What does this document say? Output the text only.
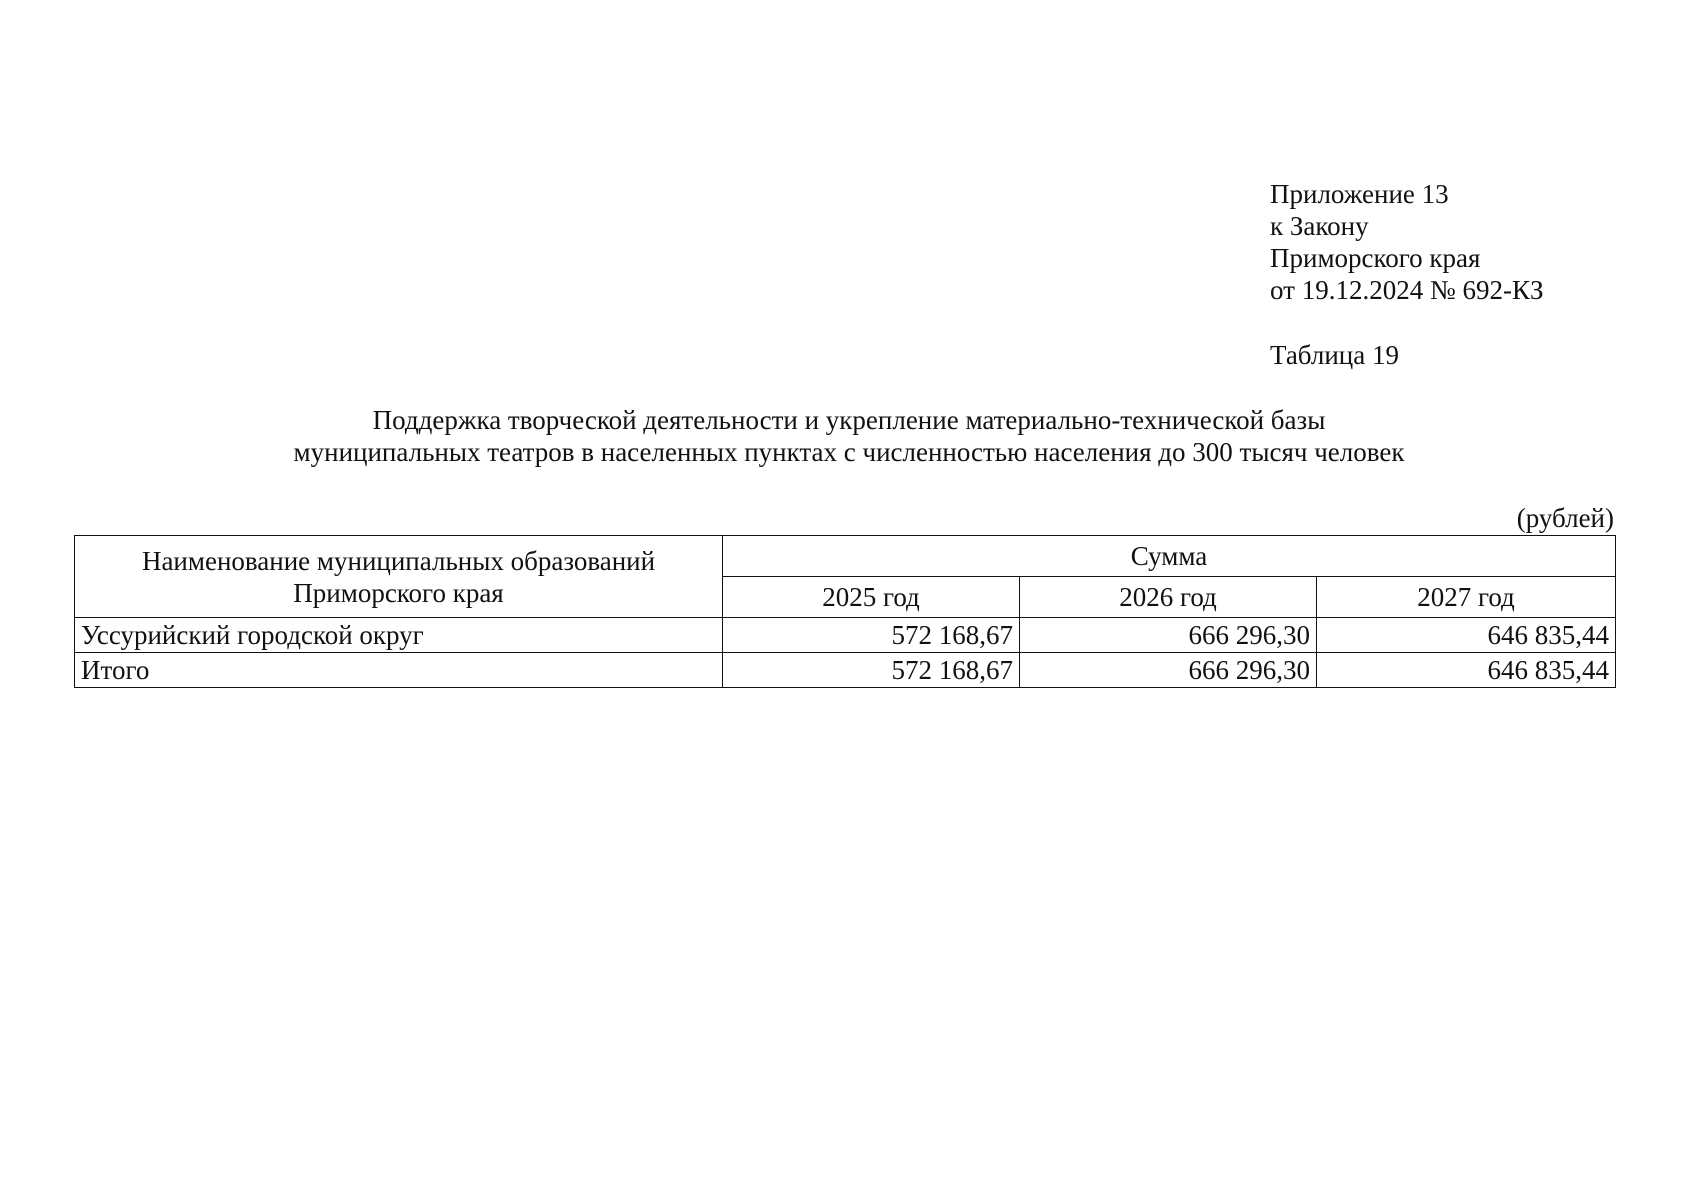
Приложение 13
к Закону
Приморского края
от 19.12.2024 № 692-КЗ
Таблица 19
Поддержка творческой деятельности и укрепление материально-технической базы
муниципальных театров в населенных пунктах с численностью населения до 300 тысяч человек
(рублей)
Наименование муниципальных образований
Приморского края	Сумма		
	2025 год	2026 год	2027 год
Уссурийский городской округ	572 168,67	666 296,30	646 835,44
Итого	572 168,67	666 296,30	646 835,44
